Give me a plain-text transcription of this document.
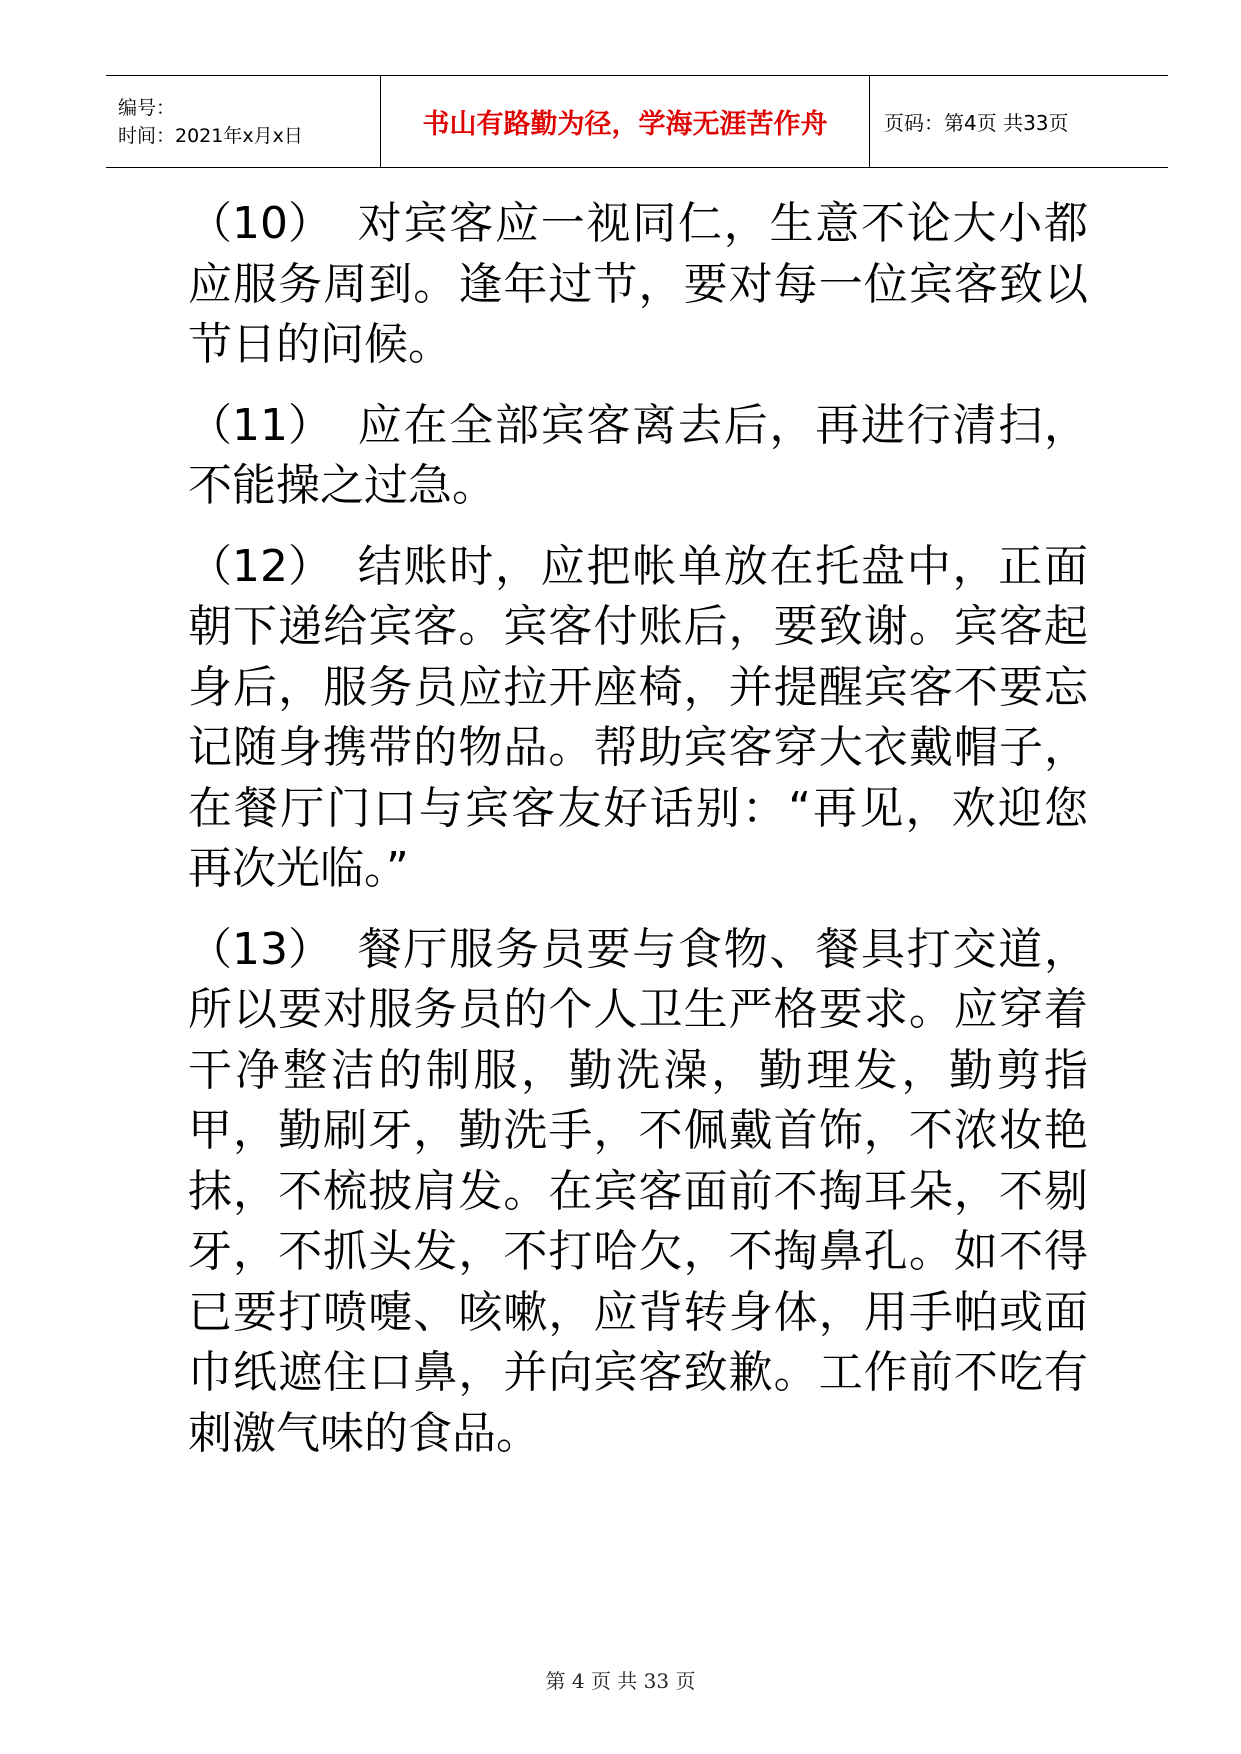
编号：
时间：2021年x月x日	书山有路勤为径，学海无涯苦作舟	页码：第4页 共33页

（10） 对宾客应一视同仁，生意不论大小都应服务周到。逢年过节，要对每一位宾客致以节日的问候。

（11） 应在全部宾客离去后，再进行清扫，不能操之过急。

（12） 结账时，应把帐单放在托盘中，正面朝下递给宾客。宾客付账后，要致谢。宾客起身后，服务员应拉开座椅，并提醒宾客不要忘记随身携带的物品。帮助宾客穿大衣戴帽子，在餐厅门口与宾客友好话别：“再见，欢迎您再次光临。”

（13） 餐厅服务员要与食物、餐具打交道，所以要对服务员的个人卫生严格要求。应穿着干净整洁的制服，勤洗澡，勤理发，勤剪指甲，勤刷牙，勤洗手，不佩戴首饰，不浓妆艳抹，不梳披肩发。在宾客面前不掏耳朵，不剔牙，不抓头发，不打哈欠，不掏鼻孔。如不得已要打喷嚏、咳嗽，应背转身体，用手帕或面巾纸遮住口鼻，并向宾客致歉。工作前不吃有刺激气味的食品。

第 4 页 共 33 页
